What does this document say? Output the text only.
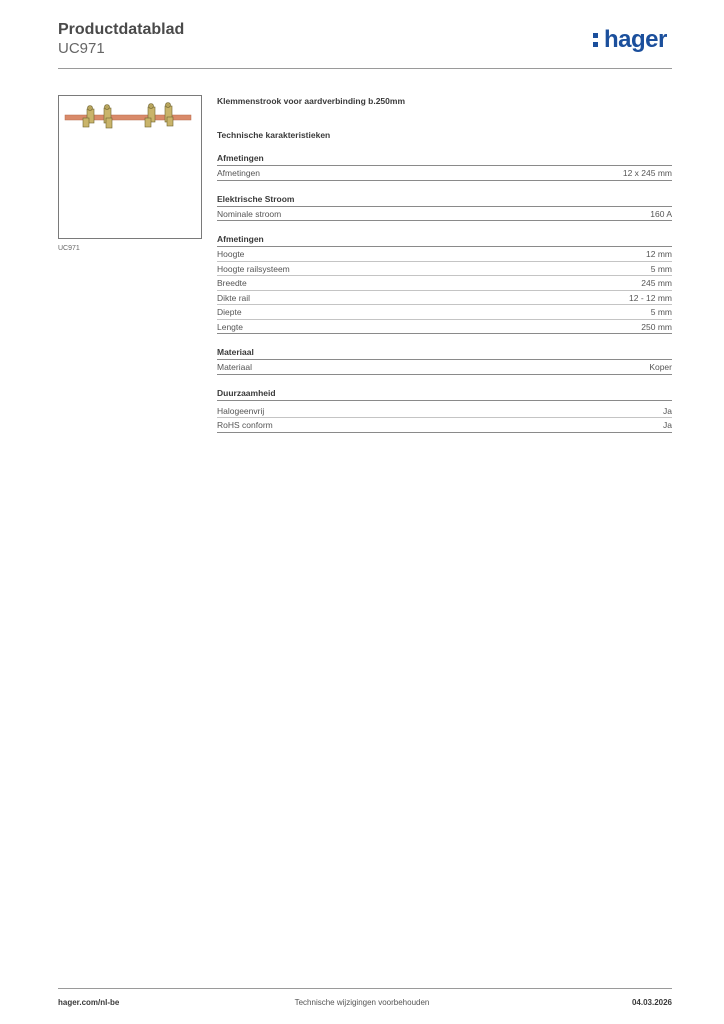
Productdatablad
UC971	hager
UC971
Klemmenstrook voor aardverbinding b.250mm
Technische karakteristieken
Afmetingen
Afmetingen	12 x 245 mm
Elektrische Stroom
Nominale stroom	160 A
Afmetingen
Hoogte	12 mm
Hoogte railsysteem	5 mm
Breedte	245 mm
Dikte rail	12 - 12 mm
Diepte	5 mm
Lengte	250 mm
Materiaal
Materiaal	Koper
Duurzaamheid
Halogeenvrij	Ja
RoHS conform	Ja
hager.com/nl-be	Technische wijzigingen voorbehouden	04.03.2026
